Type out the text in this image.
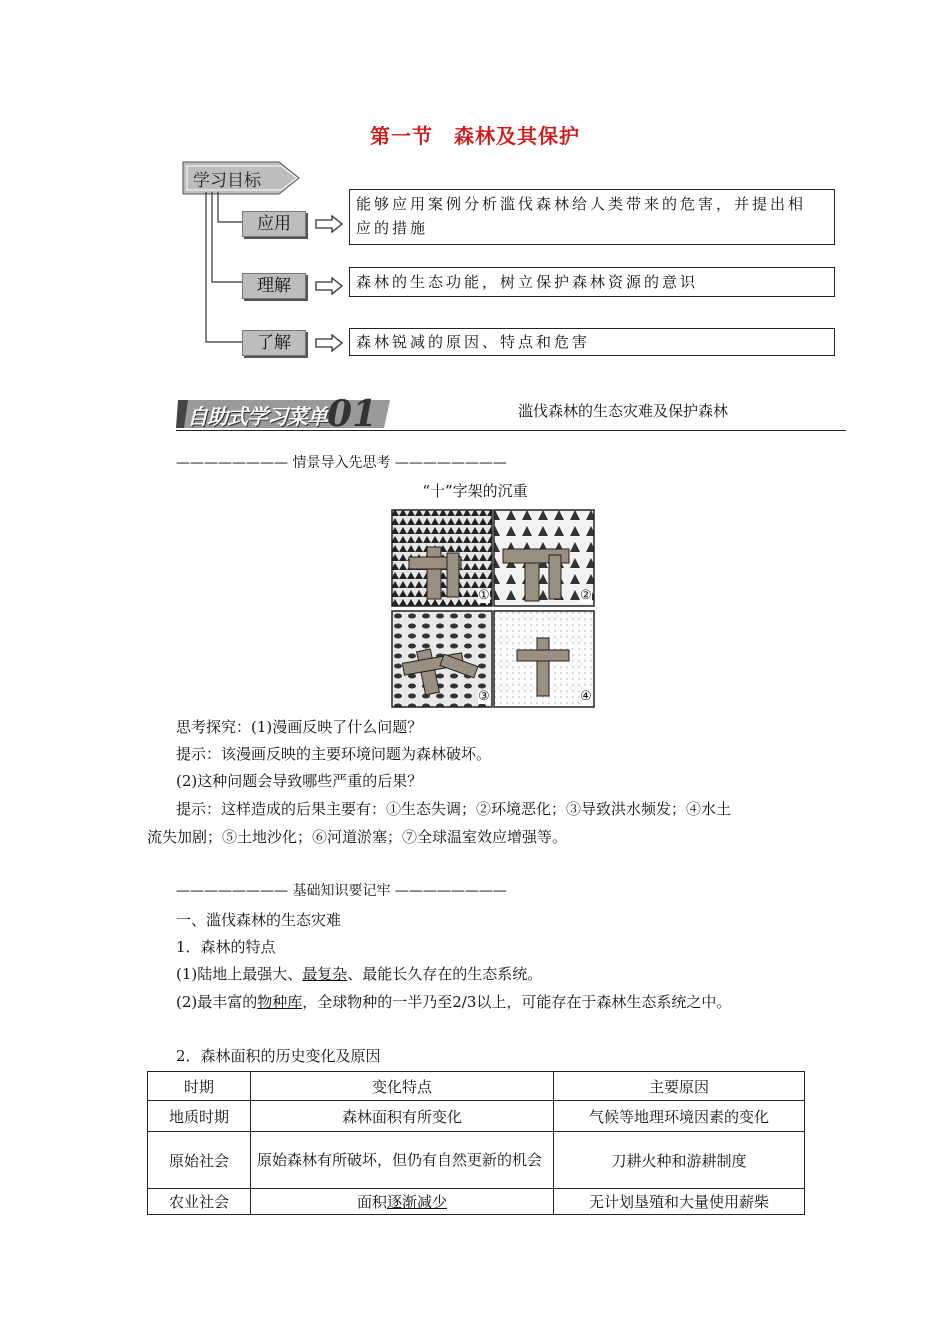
第一节　森林及其保护
学习目标
应用
理解
了解
能够应用案例分析滥伐森林给人类带来的危害，并提出相
应的措施
森林的生态功能，树立保护森林资源的意识
森林锐减的原因、特点和危害
自助式学习菜单 01	滥伐森林的生态灾难及保护森林
———————— 情景导入先思考 ————————
“十”字架的沉重
①	②
③	④
思考探究：(1)漫画反映了什么问题？
提示：该漫画反映的主要环境问题为森林破坏。
(2)这种问题会导致哪些严重的后果？
提示：这样造成的后果主要有：①生态失调；②环境恶化；③导致洪水频发；④水土
流失加剧；⑤土地沙化；⑥河道淤塞；⑦全球温室效应增强等。
———————— 基础知识要记牢 ————————
一、滥伐森林的生态灾难
1．森林的特点
(1)陆地上最强大、最复杂、最能长久存在的生态系统。
(2)最丰富的物种库，全球物种的一半乃至2/3以上，可能存在于森林生态系统之中。
2．森林面积的历史变化及原因
时期	变化特点	主要原因
地质时期	森林面积有所变化	气候等地理环境因素的变化
原始社会	原始森林有所破坏，但仍有自然更新的机会	刀耕火种和游耕制度
农业社会	面积逐渐减少	无计划垦殖和大量使用薪柴
